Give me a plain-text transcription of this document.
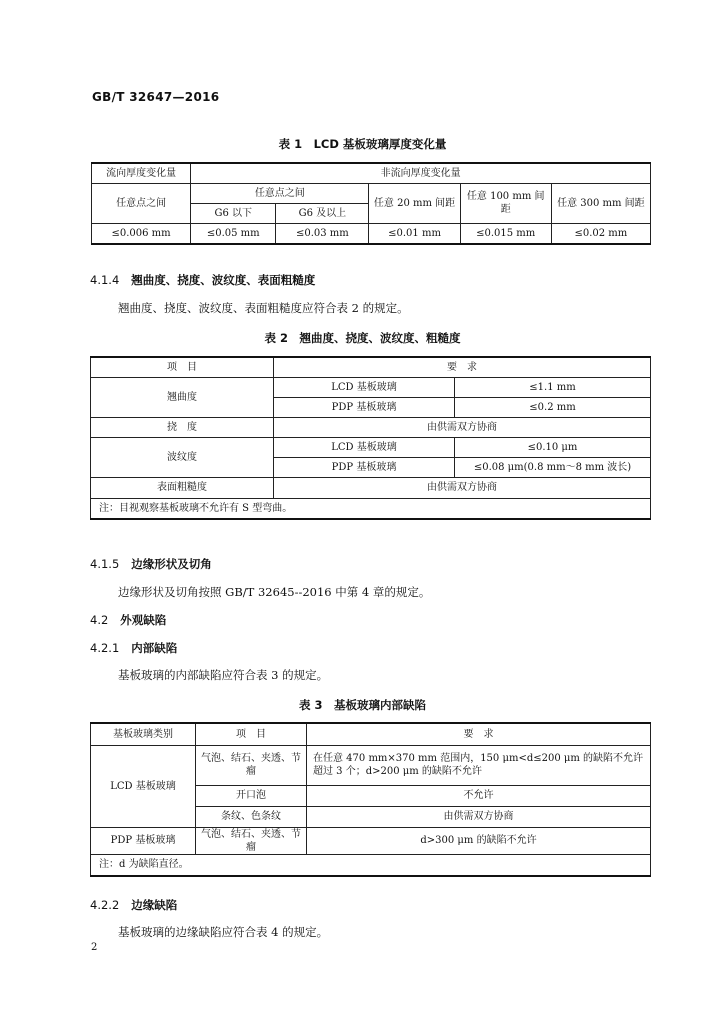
GB/T 32647—2016
表 1　LCD 基板玻璃厚度变化量
流向厚度变化量	非流向厚度变化量				
任意点之间	任意点之间		任意 20 mm 间距	任意 100 mm 间距	任意 300 mm 间距
	G6 以下	G6 及以上			
≤0.006 mm	≤0.05 mm	≤0.03 mm	≤0.01 mm	≤0.015 mm	≤0.02 mm
4.1.4 翘曲度、挠度、波纹度、表面粗糙度
翘曲度、挠度、波纹度、表面粗糙度应符合表 2 的规定。
表 2　翘曲度、挠度、波纹度、粗糙度
项　目	要　求	
翘曲度	LCD 基板玻璃	≤1.1 mm
	PDP 基板玻璃	≤0.2 mm
挠　度	由供需双方协商	
波纹度	LCD 基板玻璃	≤0.10 μm
	PDP 基板玻璃	≤0.08 μm(0.8 mm～8 mm 波长)
表面粗糙度	由供需双方协商	
注：目视观察基板玻璃不允许有 S 型弯曲。		
4.1.5 边缘形状及切角
边缘形状及切角按照 GB/T 32645--2016 中第 4 章的规定。
4.2 外观缺陷
4.2.1 内部缺陷
基板玻璃的内部缺陷应符合表 3 的规定。
表 3　基板玻璃内部缺陷
基板玻璃类别	项　目	要　求
LCD 基板玻璃	气泡、结石、夹透、节瘤	在任意 470 mm×370 mm 范围内，150 μm<d≤200 μm 的缺陷不允许
超过 3 个；d>200 μm 的缺陷不允许

	开口泡	不允许
	条纹、色条纹	由供需双方协商
PDP 基板玻璃	气泡、结石、夹透、节瘤	d>300 μm 的缺陷不允许
注：d 为缺陷直径。		
4.2.2 边缘缺陷
基板玻璃的边缘缺陷应符合表 4 的规定。
2
